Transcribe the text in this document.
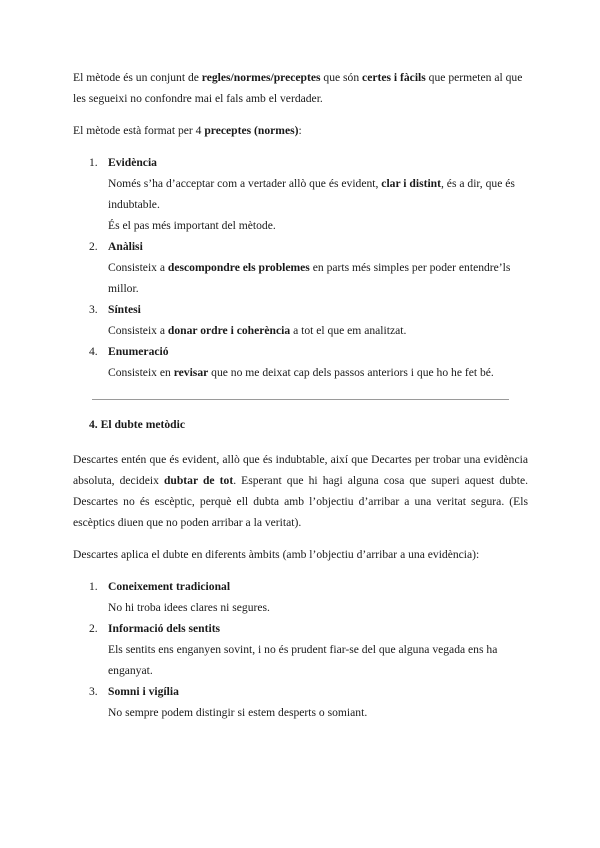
El mètode és un conjunt de regles/normes/preceptes que són certes i fàcils que permeten al que les segueixi no confondre mai el fals amb el verdader.

El mètode està format per 4 preceptes (normes):

1. Evidència
Només s’ha d’acceptar com a vertader allò que és evident, clar i distint, és a dir, que és indubtable.
És el pas més important del mètode.
2. Anàlisi
Consisteix a descompondre els problemes en parts més simples per poder entendre’ls millor.
3. Síntesi
Consisteix a donar ordre i coherència a tot el que em analitzat.
4. Enumeració
Consisteix en revisar que no me deixat cap dels passos anteriors i que ho he fet bé.

4. El dubte metòdic

Descartes entén que és evident, allò que és indubtable, així que Decartes per trobar una evidència absoluta, decideix dubtar de tot. Esperant que hi hagi alguna cosa que superi aquest dubte. Descartes no és escèptic, perquè ell dubta amb l’objectiu d’arribar a una veritat segura. (Els escèptics diuen que no poden arribar a la veritat).

Descartes aplica el dubte en diferents àmbits (amb l’objectiu d’arribar a una evidència):

1. Coneixement tradicional
No hi troba idees clares ni segures.
2. Informació dels sentits
Els sentits ens enganyen sovint, i no és prudent fiar-se del que alguna vegada ens ha enganyat.
3. Somni i vigília
No sempre podem distingir si estem desperts o somiant.
